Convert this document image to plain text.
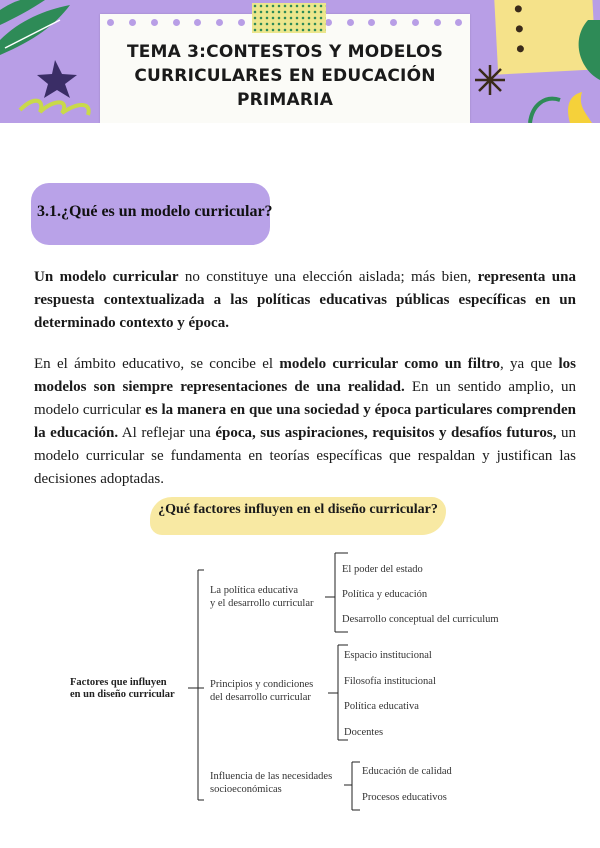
TEMA 3:CONTESTOS Y MODELOS
CURRICULARES EN EDUCACIÓN
PRIMARIA
3.1.¿Qué es un modelo curricular?

Un modelo curricular no constituye una elección aislada; más bien, representa una respuesta contextualizada a las políticas educativas públicas específicas en un determinado contexto y época.

En el ámbito educativo, se concibe el modelo curricular como un filtro, ya que los modelos son siempre representaciones de una realidad. En un sentido amplio, un modelo curricular es la manera en que una sociedad y época particulares comprenden la educación. Al reflejar una época, sus aspiraciones, requisitos y desafíos futuros, un modelo curricular se fundamenta en teorías específicas que respaldan y justifican las decisiones adoptadas.

¿Qué factores influyen en el diseño curricular?
Factores que influyen
en un diseño curricular
La política educativa
y el desarrollo curricular
El poder del estado
Política y educación
Desarrollo conceptual del curriculum
Principios y condiciones
del desarrollo curricular
Espacio institucional
Filosofía institucional
Política educativa
Docentes
Influencia de las necesidades
socioeconómicas
Educación de calidad
Procesos educativos
